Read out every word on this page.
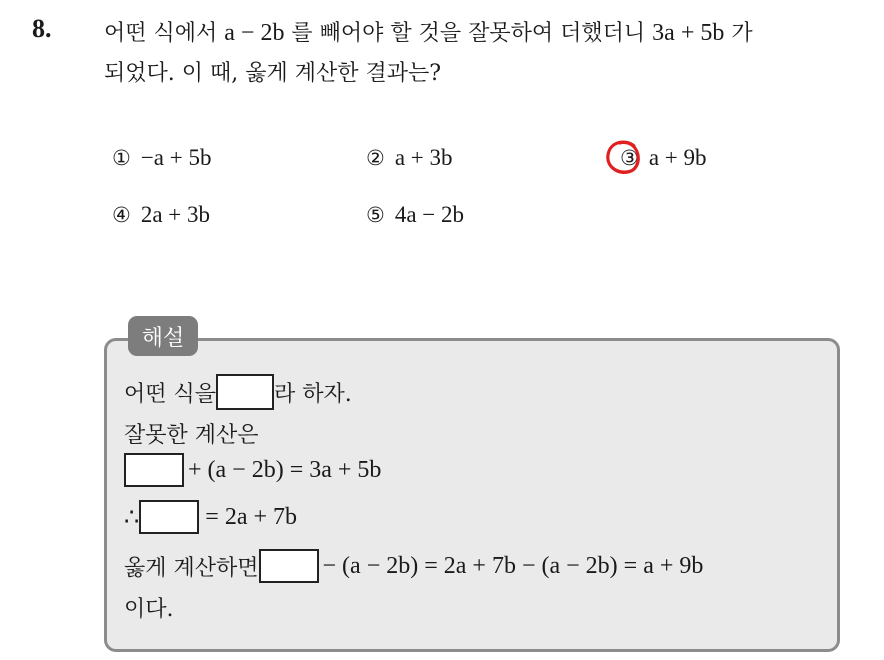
8. 어떤 식에서 a − 2b 를 빼어야 할 것을 잘못하여 더했더니 3a + 5b 가
되었다. 이 때, 옳게 계산한 결과는?
① −a + 5b	② a + 3b	③ a + 9b
④ 2a + 3b	⑤ 4a − 2b
해설
어떤 식을	라 하자.
잘못한 계산은
+ (a − 2b) = 3a + 5b
∴	= 2a + 7b
옳게 계산하면	− (a − 2b) = 2a + 7b − (a − 2b) = a + 9b
이다.
